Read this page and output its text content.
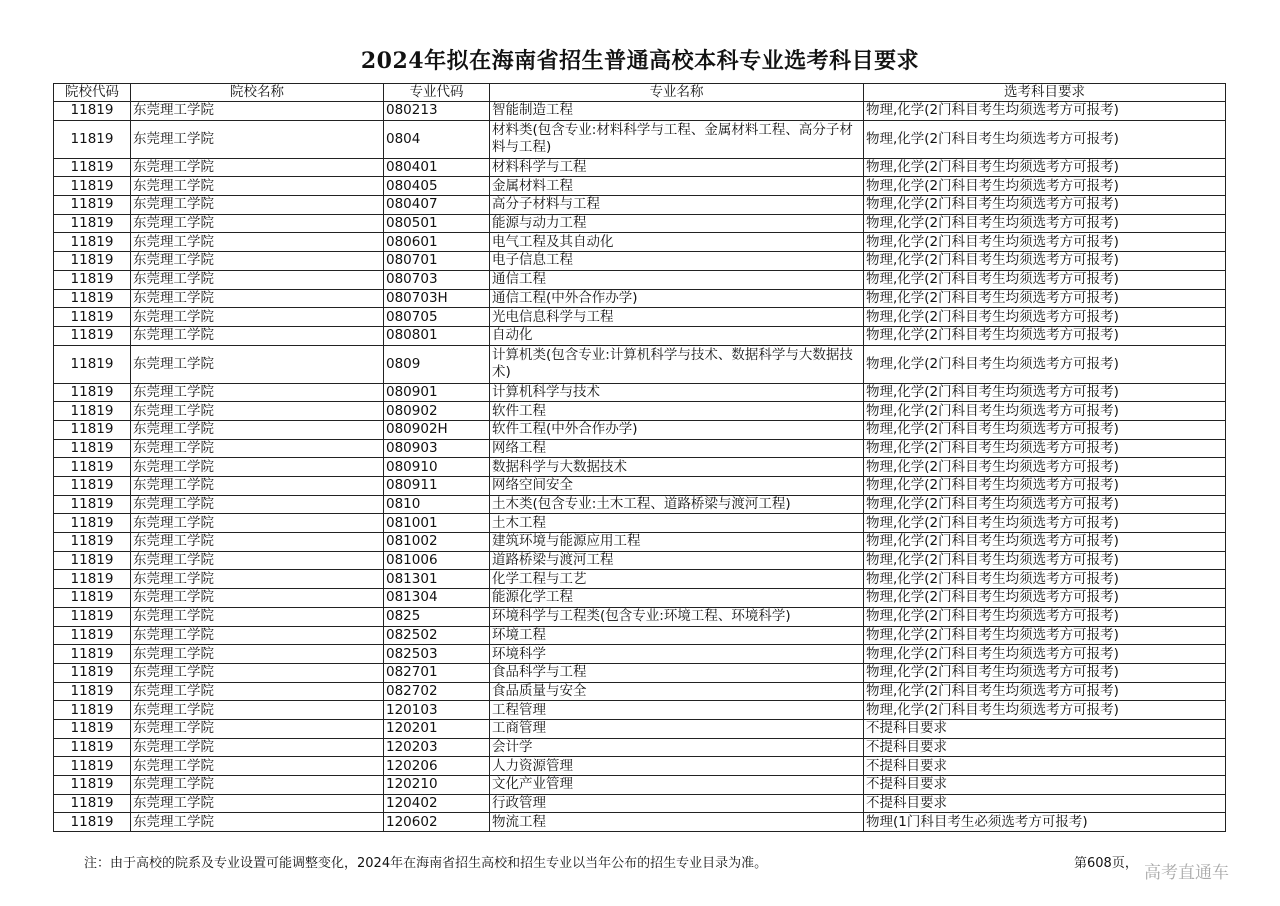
2024年拟在海南省招生普通高校本科专业选考科目要求
院校代码	院校名称	专业代码	专业名称	选考科目要求
11819	东莞理工学院	080213	智能制造工程	物理,化学(2门科目考生均须选考方可报考)
11819	东莞理工学院	0804	材料类(包含专业:材料科学与工程、金属材料工程、高分子材料与工程)	物理,化学(2门科目考生均须选考方可报考)
11819	东莞理工学院	080401	材料科学与工程	物理,化学(2门科目考生均须选考方可报考)
11819	东莞理工学院	080405	金属材料工程	物理,化学(2门科目考生均须选考方可报考)
11819	东莞理工学院	080407	高分子材料与工程	物理,化学(2门科目考生均须选考方可报考)
11819	东莞理工学院	080501	能源与动力工程	物理,化学(2门科目考生均须选考方可报考)
11819	东莞理工学院	080601	电气工程及其自动化	物理,化学(2门科目考生均须选考方可报考)
11819	东莞理工学院	080701	电子信息工程	物理,化学(2门科目考生均须选考方可报考)
11819	东莞理工学院	080703	通信工程	物理,化学(2门科目考生均须选考方可报考)
11819	东莞理工学院	080703H	通信工程(中外合作办学)	物理,化学(2门科目考生均须选考方可报考)
11819	东莞理工学院	080705	光电信息科学与工程	物理,化学(2门科目考生均须选考方可报考)
11819	东莞理工学院	080801	自动化	物理,化学(2门科目考生均须选考方可报考)
11819	东莞理工学院	0809	计算机类(包含专业:计算机科学与技术、数据科学与大数据技术)	物理,化学(2门科目考生均须选考方可报考)
11819	东莞理工学院	080901	计算机科学与技术	物理,化学(2门科目考生均须选考方可报考)
11819	东莞理工学院	080902	软件工程	物理,化学(2门科目考生均须选考方可报考)
11819	东莞理工学院	080902H	软件工程(中外合作办学)	物理,化学(2门科目考生均须选考方可报考)
11819	东莞理工学院	080903	网络工程	物理,化学(2门科目考生均须选考方可报考)
11819	东莞理工学院	080910	数据科学与大数据技术	物理,化学(2门科目考生均须选考方可报考)
11819	东莞理工学院	080911	网络空间安全	物理,化学(2门科目考生均须选考方可报考)
11819	东莞理工学院	0810	土木类(包含专业:土木工程、道路桥梁与渡河工程)	物理,化学(2门科目考生均须选考方可报考)
11819	东莞理工学院	081001	土木工程	物理,化学(2门科目考生均须选考方可报考)
11819	东莞理工学院	081002	建筑环境与能源应用工程	物理,化学(2门科目考生均须选考方可报考)
11819	东莞理工学院	081006	道路桥梁与渡河工程	物理,化学(2门科目考生均须选考方可报考)
11819	东莞理工学院	081301	化学工程与工艺	物理,化学(2门科目考生均须选考方可报考)
11819	东莞理工学院	081304	能源化学工程	物理,化学(2门科目考生均须选考方可报考)
11819	东莞理工学院	0825	环境科学与工程类(包含专业:环境工程、环境科学)	物理,化学(2门科目考生均须选考方可报考)
11819	东莞理工学院	082502	环境工程	物理,化学(2门科目考生均须选考方可报考)
11819	东莞理工学院	082503	环境科学	物理,化学(2门科目考生均须选考方可报考)
11819	东莞理工学院	082701	食品科学与工程	物理,化学(2门科目考生均须选考方可报考)
11819	东莞理工学院	082702	食品质量与安全	物理,化学(2门科目考生均须选考方可报考)
11819	东莞理工学院	120103	工程管理	物理,化学(2门科目考生均须选考方可报考)
11819	东莞理工学院	120201	工商管理	不提科目要求
11819	东莞理工学院	120203	会计学	不提科目要求
11819	东莞理工学院	120206	人力资源管理	不提科目要求
11819	东莞理工学院	120210	文化产业管理	不提科目要求
11819	东莞理工学院	120402	行政管理	不提科目要求
11819	东莞理工学院	120602	物流工程	物理(1门科目考生必须选考方可报考)
注：由于高校的院系及专业设置可能调整变化，2024年在海南省招生高校和招生专业以当年公布的招生专业目录为准。	第608页， 高考直通车
